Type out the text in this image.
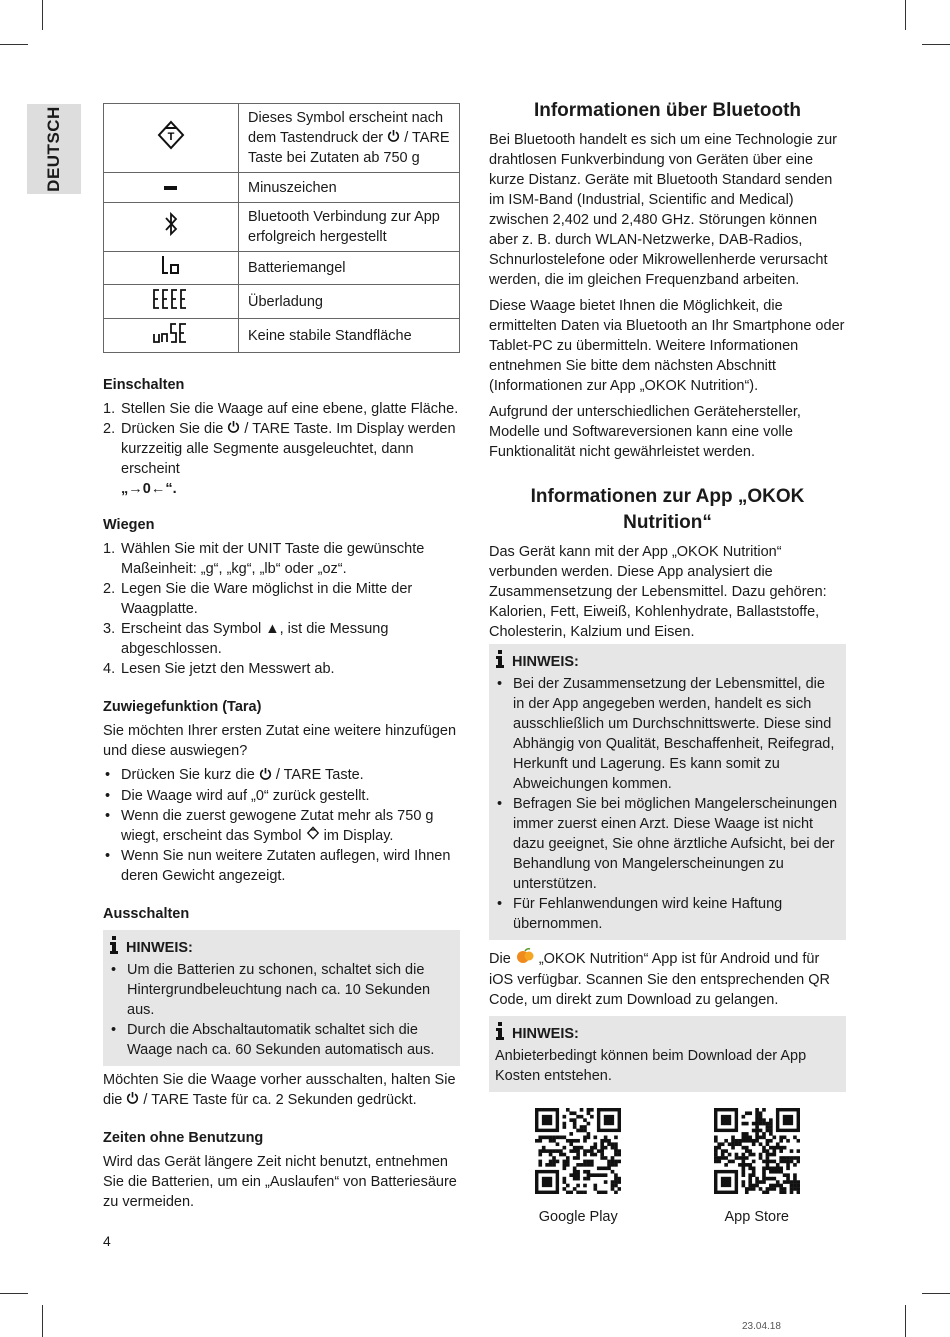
DEUTSCH	T	Dieses Symbol erscheint nach dem Tastendruck der  / TARE Taste bei Zutaten ab 750 g
	Minuszeichen
	Bluetooth Verbindung zur App erfolgreich hergestellt
	Batteriemangel
	Überladung
	Keine stabile Standfläche
Einschalten
1. Stellen Sie die Waage auf eine ebene, glatte Fläche.
2. Drücken Sie die / TARE Taste. Im Display werden kurzzeitig alle Segmente ausgeleuchtet, dann erscheint
„→0←“.
Wiegen
1. Wählen Sie mit der UNIT Taste die gewünschte Maßeinheit: „g“, „kg“, „lb“ oder „oz“.
2. Legen Sie die Ware möglichst in die Mitte der Waagplatte.
3. Erscheint das Symbol ▲, ist die Messung abgeschlossen.
4. Lesen Sie jetzt den Messwert ab.
Zuwiegefunktion (Tara)

Sie möchten Ihrer ersten Zutat eine weitere hinzufügen und diese auswiegen?

• Drücken Sie kurz die / TARE Taste.
• Die Waage wird auf „0“ zurück gestellt.
• Wenn die zuerst gewogene Zutat mehr als 750 g wiegt, erscheint das Symbol im Display.
• Wenn Sie nun weitere Zutaten auflegen, wird Ihnen deren Gewicht angezeigt.
Ausschalten
HINWEIS:
• Um die Batterien zu schonen, schaltet sich die Hintergrundbeleuchtung nach ca. 10 Sekunden aus.
• Durch die Abschaltautomatik schaltet sich die Waage nach ca. 60 Sekunden automatisch aus.

Möchten Sie die Waage vorher ausschalten, halten Sie die / TARE Taste für ca. 2 Sekunden gedrückt.

Zeiten ohne Benutzung

Wird das Gerät längere Zeit nicht benutzt, entnehmen Sie die Batterien, um ein „Auslaufen“ von Batteriesäure zu vermeiden.

Informationen über Bluetooth

Bei Bluetooth handelt es sich um eine Technologie zur drahtlosen Funkverbindung von Geräten über eine kurze Distanz. Geräte mit Bluetooth Standard senden im ISM-Band (Industrial, Scientific and Medical) zwischen 2,402 und 2,480 GHz. Störungen können aber z. B. durch WLAN-Netzwerke, DAB-Radios, Schnurlostelefone oder Mikrowellenherde verursacht werden, die im gleichen Frequenzband arbeiten.

Diese Waage bietet Ihnen die Möglichkeit, die ermittelten Daten via Bluetooth an Ihr Smartphone oder Tablet-PC zu übermitteln. Weitere Informationen entnehmen Sie bitte dem nächsten Abschnitt (Informationen zur App „OKOK Nutrition“).

Aufgrund der unterschiedlichen Gerätehersteller, Modelle und Softwareversionen kann eine volle Funktionalität nicht gewährleistet werden.

Informationen zur App „OKOK Nutrition“

Das Gerät kann mit der App „OKOK Nutrition“ verbunden werden. Diese App analysiert die Zusammensetzung der Lebensmittel. Dazu gehören: Kalorien, Fett, Eiweiß, Kohlenhydrate, Ballaststoffe, Cholesterin, Kalzium und Eisen.

HINWEIS:
• Bei der Zusammensetzung der Lebensmittel, die in der App angegeben werden, handelt es sich ausschließlich um Durchschnittswerte. Diese sind Abhängig von Qualität, Beschaffenheit, Reifegrad, Herkunft und Lagerung. Es kann somit zu Abweichungen kommen.
• Befragen Sie bei möglichen Mangelerscheinungen immer zuerst einen Arzt. Diese Waage ist nicht dazu geeignet, Sie ohne ärztliche Aufsicht, bei der Behandlung von Mangelerscheinungen zu unterstützen.
• Für Fehlanwendungen wird keine Haftung übernommen.

Die „OKOK Nutrition“ App ist für Android und für iOS verfügbar. Scannen Sie den entsprechenden QR Code, um direkt zum Download zu gelangen.

HINWEIS:

Anbieterbedingt können beim Download der App Kosten entstehen.

Google Play	App Store
4
23.04.18
